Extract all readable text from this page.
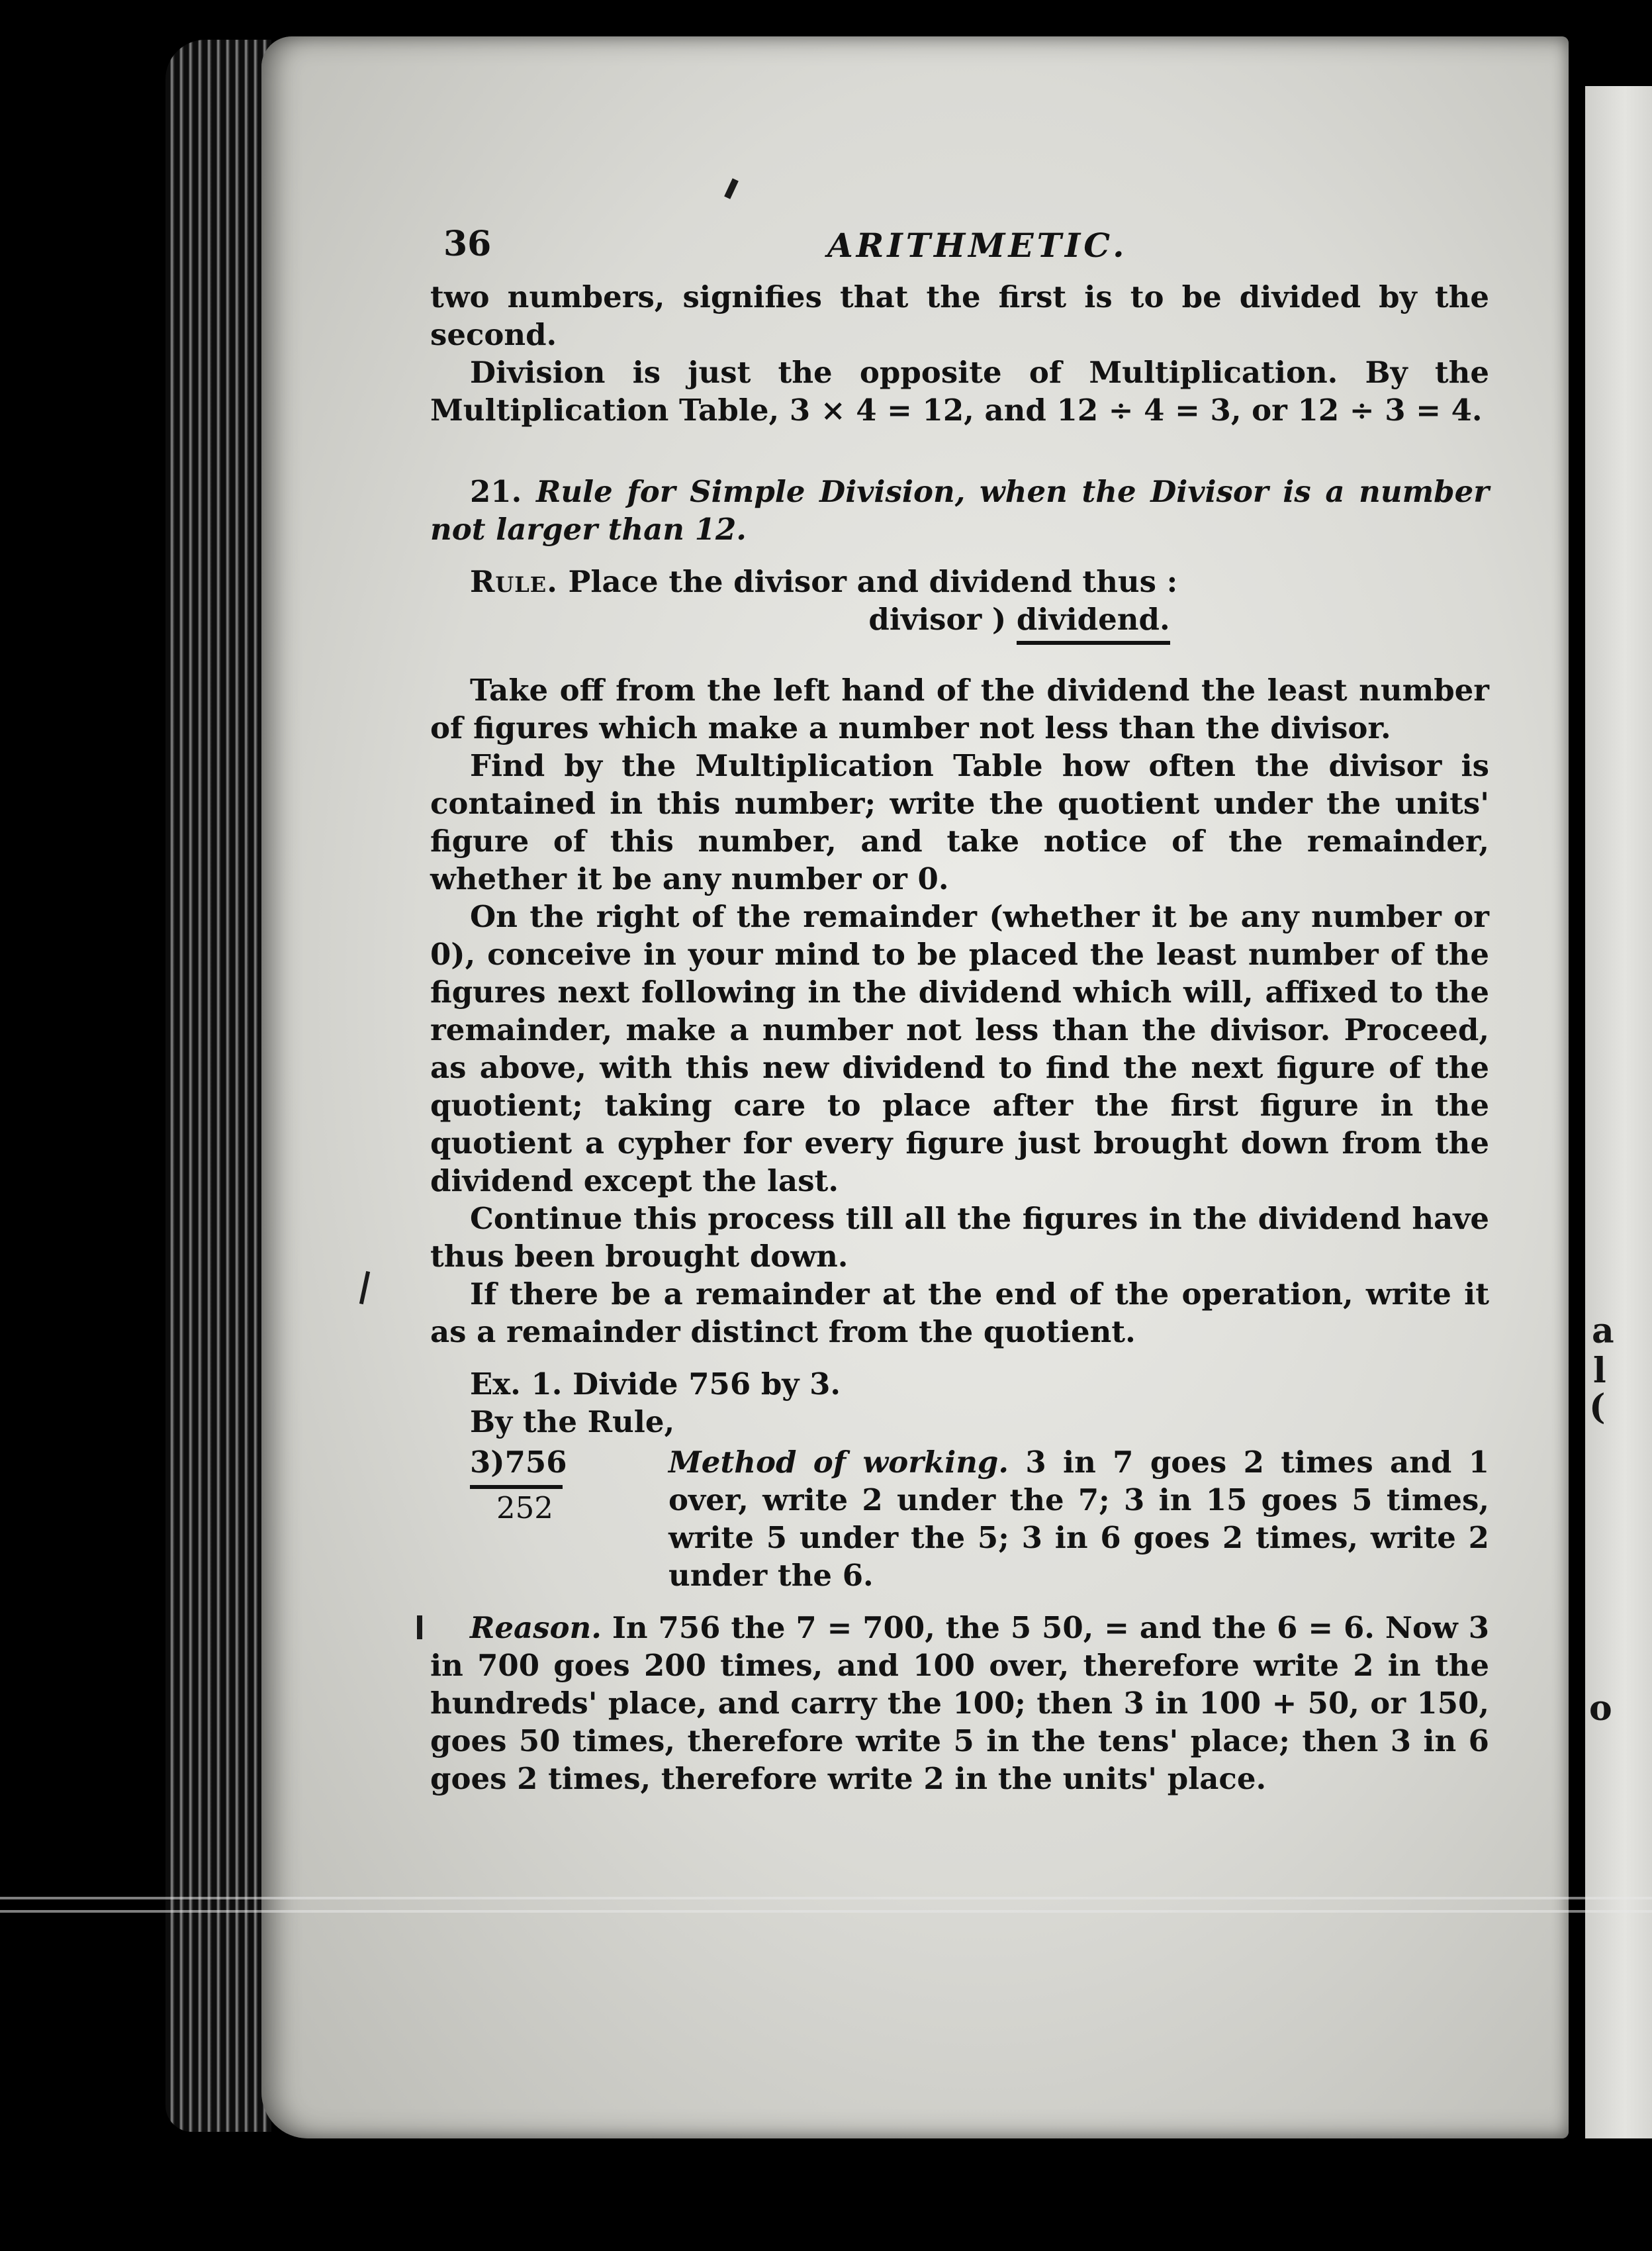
a
l
(
o
36	ARITHMETIC.

two numbers, signifies that the first is to be divided by the second.

Division is just the opposite of Multiplication. By the Multiplication Table, 3 × 4 = 12, and 12 ÷ 4 = 3, or 12 ÷ 3 = 4.

21. Rule for Simple Division, when the Divisor is a number not larger than 12.

Rule. Place the divisor and dividend thus :

divisor ) dividend.

Take off from the left hand of the dividend the least number of figures which make a number not less than the divisor.

Find by the Multiplication Table how often the divisor is contained in this number; write the quotient under the units' figure of this number, and take notice of the remainder, whether it be any number or 0.

On the right of the remainder (whether it be any number or 0), conceive in your mind to be placed the least number of the figures next following in the dividend which will, affixed to the remainder, make a number not less than the divisor. Proceed, as above, with this new dividend to find the next figure of the quotient; taking care to place after the first figure in the quotient a cypher for every figure just brought down from the dividend except the last.

Continue this process till all the figures in the dividend have thus been brought down.

If there be a remainder at the end of the operation, write it as a remainder distinct from the quotient.

Ex. 1. Divide 756 by 3.

By the Rule,

3)756
252
Method of working. 3 in 7 goes 2 times and 1 over, write 2 under the 7; 3 in 15 goes 5 times, write 5 under the 5; 3 in 6 goes 2 times, write 2 under the 6.

Reason. In 756 the 7 = 700, the 5 50, = and the 6 = 6. Now 3 in 700 goes 200 times, and 100 over, therefore write 2 in the hundreds' place, and carry the 100; then 3 in 100 + 50, or 150, goes 50 times, therefore write 5 in the tens' place; then 3 in 6 goes 2 times, therefore write 2 in the units' place.
